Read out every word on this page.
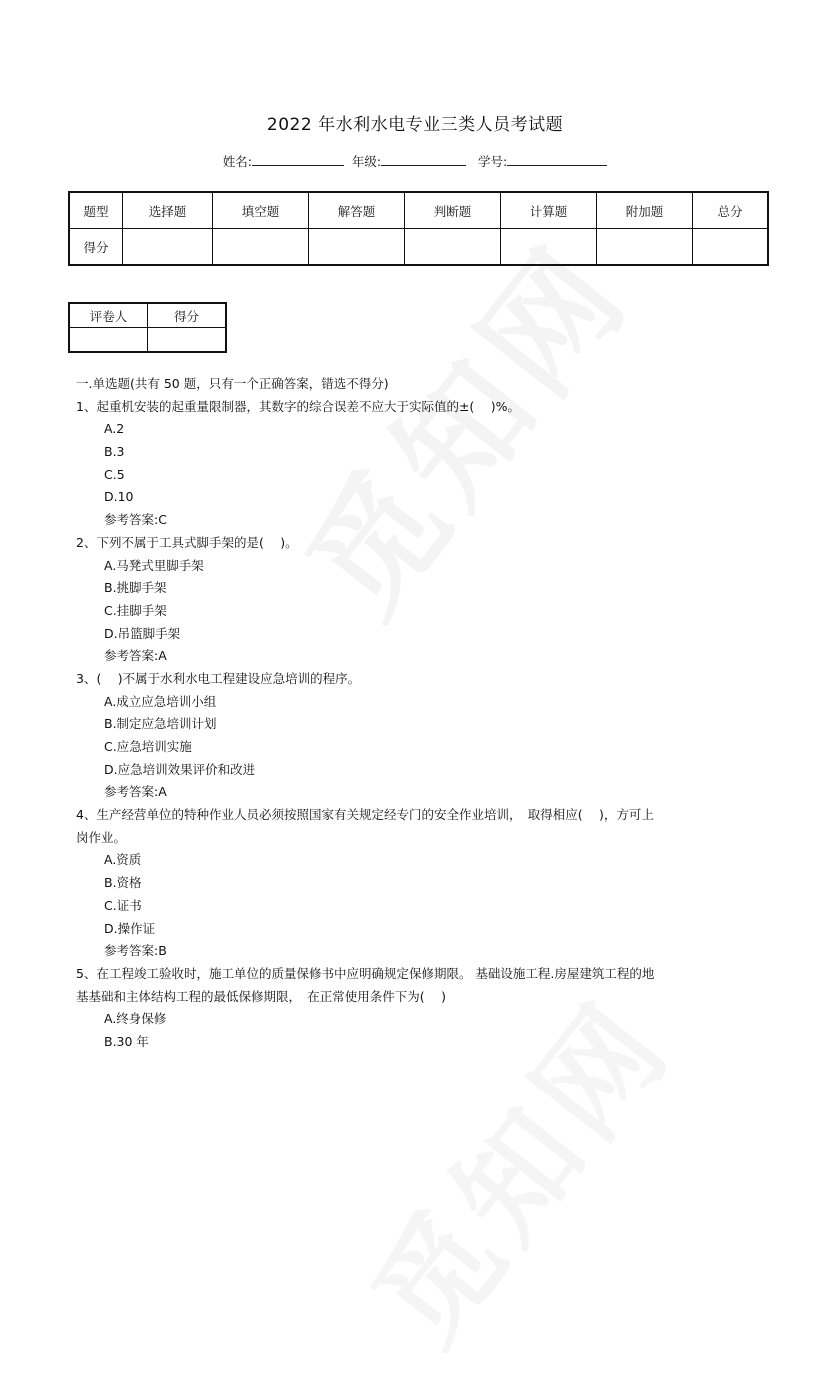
2022 年水利水电专业三类人员考试题
姓名:	年级:	学号:
题型	选择题	填空题	解答题	判断题	计算题	附加题	总分
得分							
评卷人	得分

一.单选题(共有 50 题，只有一个正确答案，错选不得分)
1、起重机安装的起重量限制器，其数字的综合误差不应大于实际值的±(　 )%。
A.2
B.3
C.5
D.10
参考答案:C
2、下列不属于工具式脚手架的是(　 )。
A.马凳式里脚手架
B.挑脚手架
C.挂脚手架
D.吊篮脚手架
参考答案:A
3、(　 )不属于水利水电工程建设应急培训的程序。
A.成立应急培训小组
B.制定应急培训计划
C.应急培训实施
D.应急培训效果评价和改进
参考答案:A
4、生产经营单位的特种作业人员必须按照国家有关规定经专门的安全作业培训，　取得相应(　 )，方可上
岗作业。
A.资质
B.资格
C.证书
D.操作证
参考答案:B
5、在工程竣工验收时，施工单位的质量保修书中应明确规定保修期限。 基础设施工程.房屋建筑工程的地
基基础和主体结构工程的最低保修期限，　在正常使用条件下为(　 )
A.终身保修
B.30 年
